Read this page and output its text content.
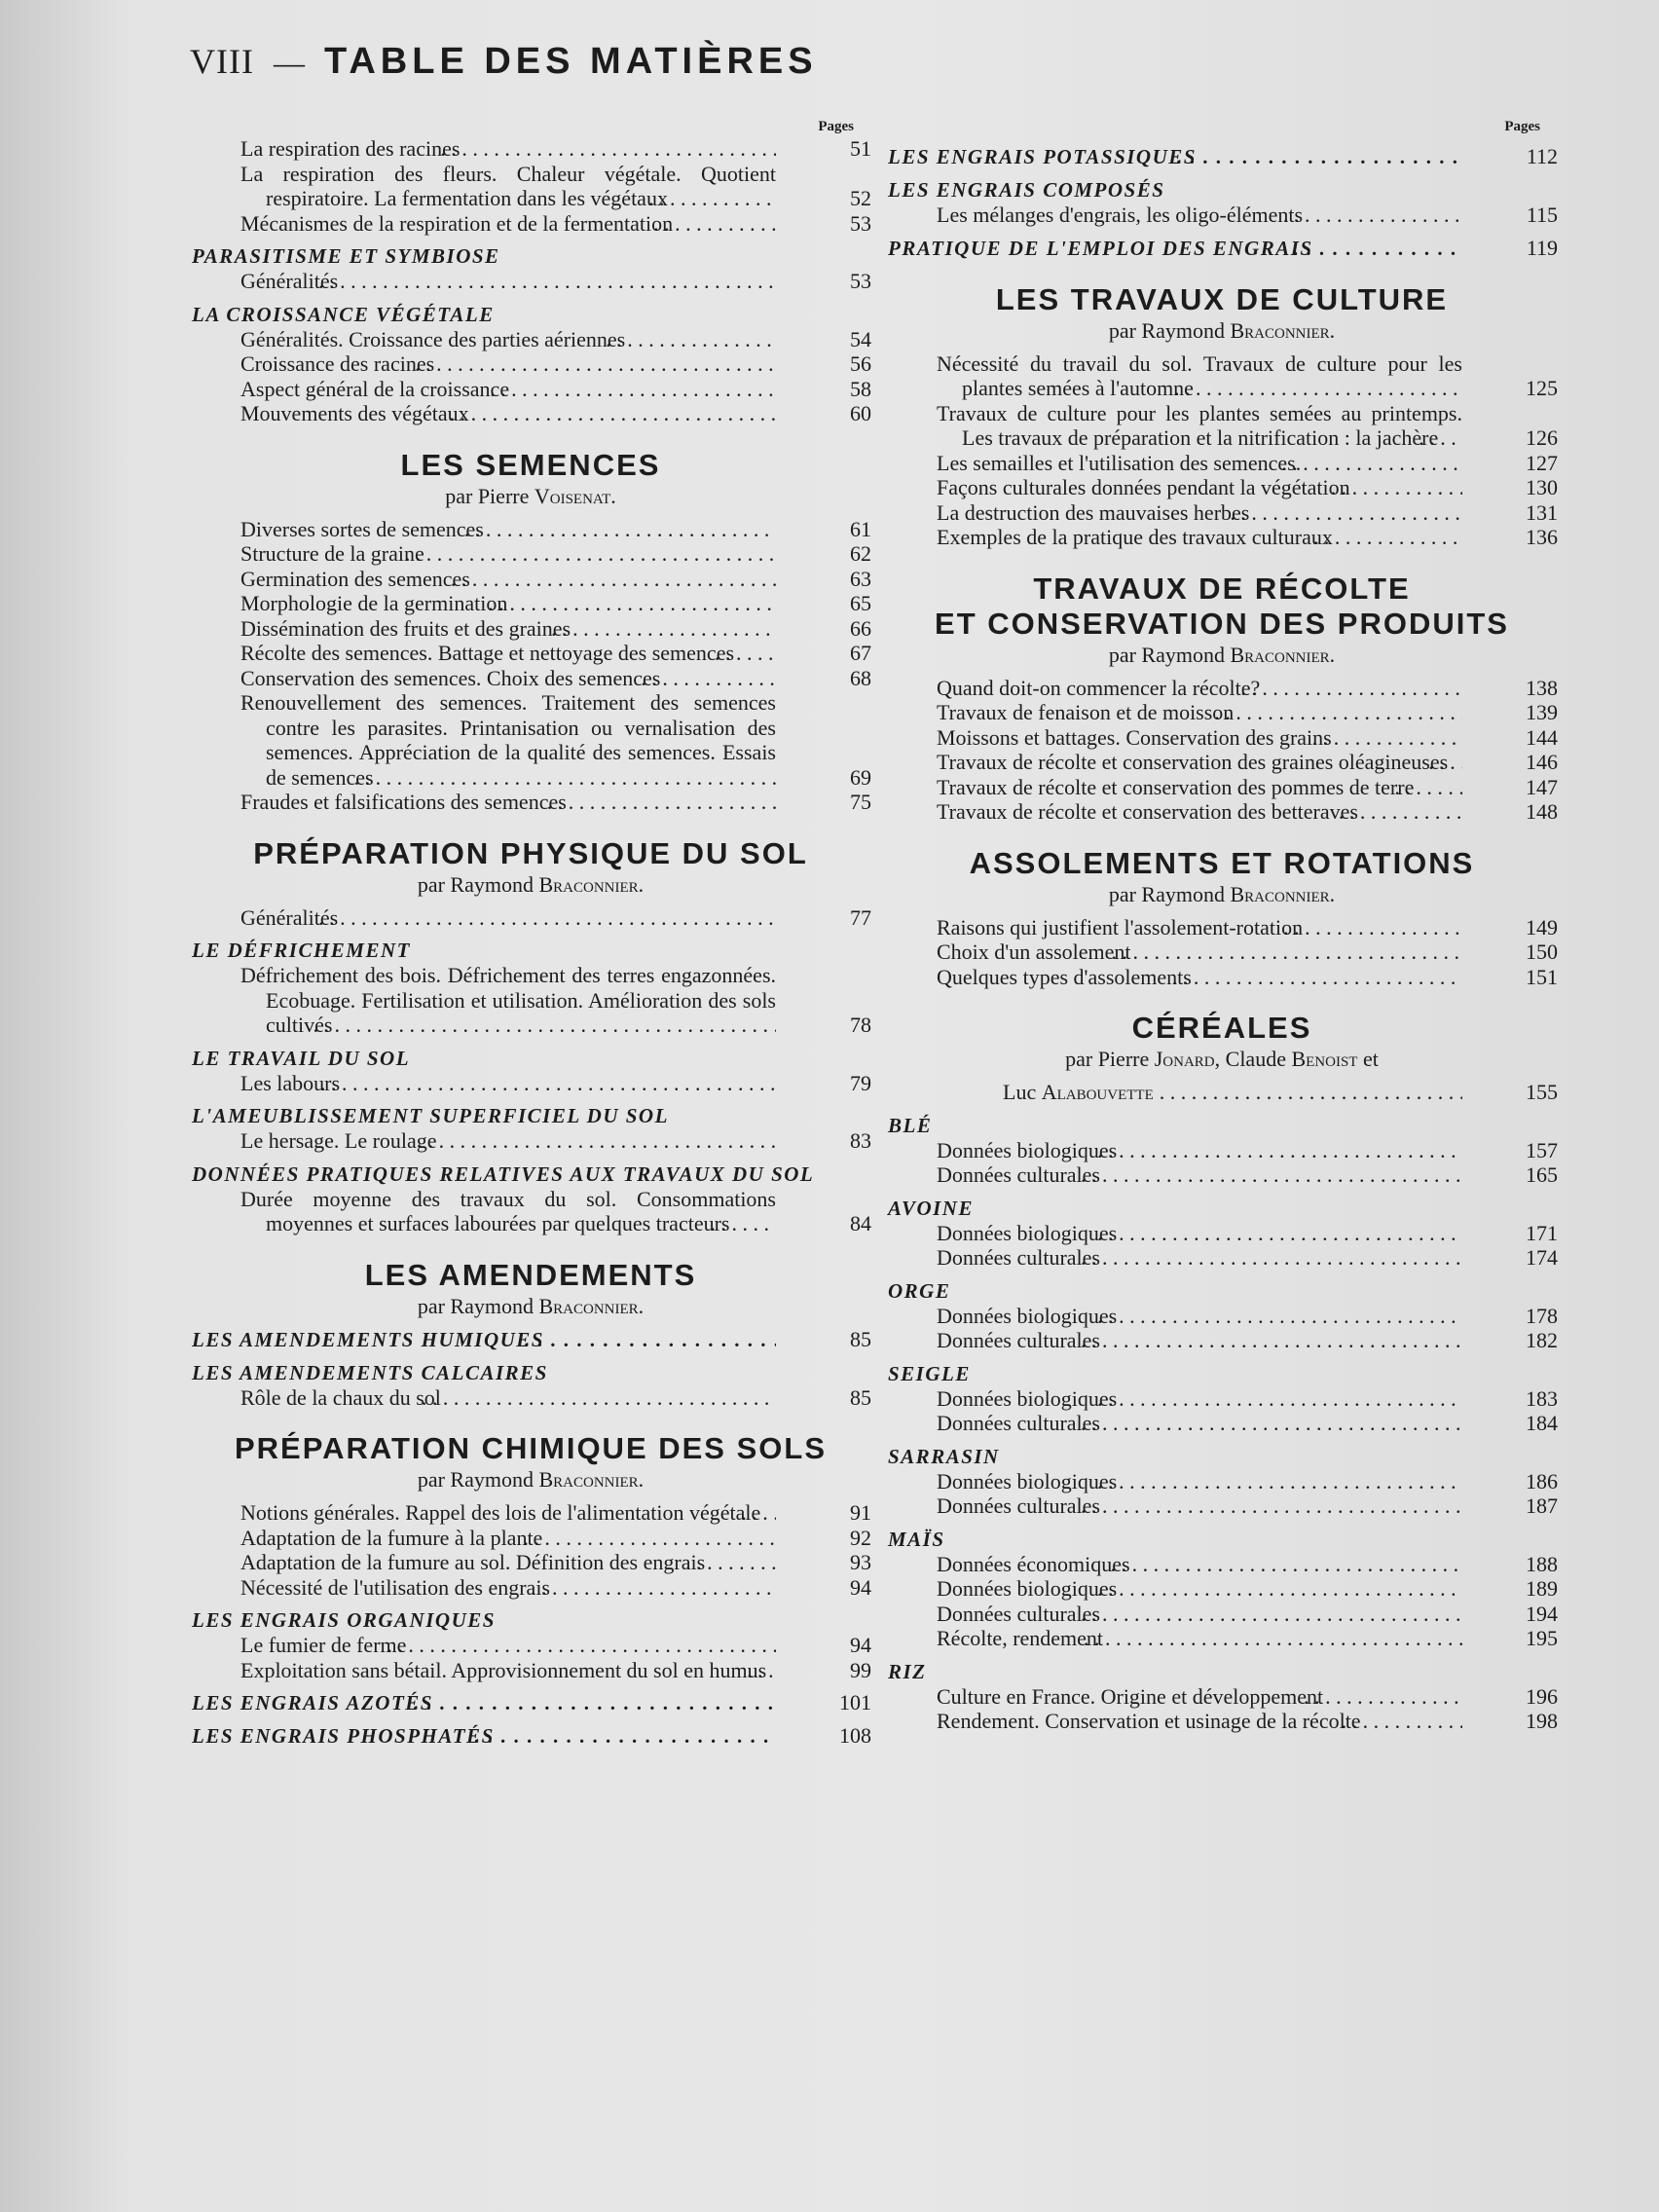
VIII — TABLE DES MATIÈRES
Pages
La respiration des racines . . .	51
La respiration des fleurs. Chaleur végétale. Quotient respiratoire. La fermentation dans les végétaux . . .	52
Mécanismes de la respiration et de la fermentation . . .	53
PARASITISME ET SYMBIOSE
Généralités . . .	53
LA CROISSANCE VÉGÉTALE
Généralités. Croissance des parties aériennes . . .	54
Croissance des racines . . .	56
Aspect général de la croissance . . .	58
Mouvements des végétaux . . .	60
LES SEMENCES
par Pierre Voisenat.
Diverses sortes de semences . . .	61
Structure de la graine . . .	62
Germination des semences . . .	63
Morphologie de la germination . . .	65
Dissémination des fruits et des graines . . .	66
Récolte des semences. Battage et nettoyage des semences . . .	67
Conservation des semences. Choix des semences . . .	68
Renouvellement des semences. Traitement des semences contre les parasites. Printanisation ou vernalisation des semences. Appréciation de la qualité des semences. Essais de semences . . .	69
Fraudes et falsifications des semences . . .	75
PRÉPARATION PHYSIQUE DU SOL
par Raymond Braconnier.
Généralités . . .	77
LE DÉFRICHEMENT
Défrichement des bois. Défrichement des terres engazonnées. Ecobuage. Fertilisation et utilisation. Amélioration des sols cultivés . . .	78
LE TRAVAIL DU SOL
Les labours . . .	79
L'AMEUBLISSEMENT SUPERFICIEL DU SOL
Le hersage. Le roulage . . .	83
DONNÉES PRATIQUES RELATIVES AUX TRAVAUX DU SOL
Durée moyenne des travaux du sol. Consommations moyennes et surfaces labourées par quelques tracteurs . . .	84
LES AMENDEMENTS
par Raymond Braconnier.
LES AMENDEMENTS HUMIQUES . . .	85
LES AMENDEMENTS CALCAIRES
Rôle de la chaux du sol . . .	85
PRÉPARATION CHIMIQUE DES SOLS
par Raymond Braconnier.
Notions générales. Rappel des lois de l'alimentation végétale . . .	91
Adaptation de la fumure à la plante . . .	92
Adaptation de la fumure au sol. Définition des engrais . . .	93
Nécessité de l'utilisation des engrais . . .	94
LES ENGRAIS ORGANIQUES
Le fumier de ferme . . .	94
Exploitation sans bétail. Approvisionnement du sol en humus . . .	99
LES ENGRAIS AZOTÉS . . .	101
LES ENGRAIS PHOSPHATÉS . . .	108
Pages
LES ENGRAIS POTASSIQUES . . .	112
LES ENGRAIS COMPOSÉS
Les mélanges d'engrais, les oligo-éléments . . .	115
PRATIQUE DE L'EMPLOI DES ENGRAIS . . .	119
LES TRAVAUX DE CULTURE
par Raymond Braconnier.
Nécessité du travail du sol. Travaux de culture pour les plantes semées à l'automne . . .	125
Travaux de culture pour les plantes semées au printemps. Les travaux de préparation et la nitrification : la jachère . . .	126
Les semailles et l'utilisation des semences. . . .	127
Façons culturales données pendant la végétation . . .	130
La destruction des mauvaises herbes . . .	131
Exemples de la pratique des travaux culturaux . . .	136
TRAVAUX DE RÉCOLTE
ET CONSERVATION DES PRODUITS
par Raymond Braconnier.
Quand doit-on commencer la récolte? . . .	138
Travaux de fenaison et de moisson . . .	139
Moissons et battages. Conservation des grains . . .	144
Travaux de récolte et conservation des graines oléagineuses . . .	146
Travaux de récolte et conservation des pommes de terre . . .	147
Travaux de récolte et conservation des betteraves . . .	148
ASSOLEMENTS ET ROTATIONS
par Raymond Braconnier.
Raisons qui justifient l'assolement-rotation . . .	149
Choix d'un assolement . . .	150
Quelques types d'assolements . . .	151
CÉRÉALES
par Pierre Jonard, Claude Benoist et
Luc Alabouvette . . .	155
BLÉ
Données biologiques . . .	157
Données culturales . . .	165
AVOINE
Données biologiques . . .	171
Données culturales . . .	174
ORGE
Données biologiques . . .	178
Données culturales . . .	182
SEIGLE
Données biologiques . . .	183
Données culturales . . .	184
SARRASIN
Données biologiques . . .	186
Données culturales . . .	187
MAÏS
Données économiques . . .	188
Données biologiques . . .	189
Données culturales . . .	194
Récolte, rendement . . .	195
RIZ
Culture en France. Origine et développement . . .	196
Rendement. Conservation et usinage de la récolte . . .	198
